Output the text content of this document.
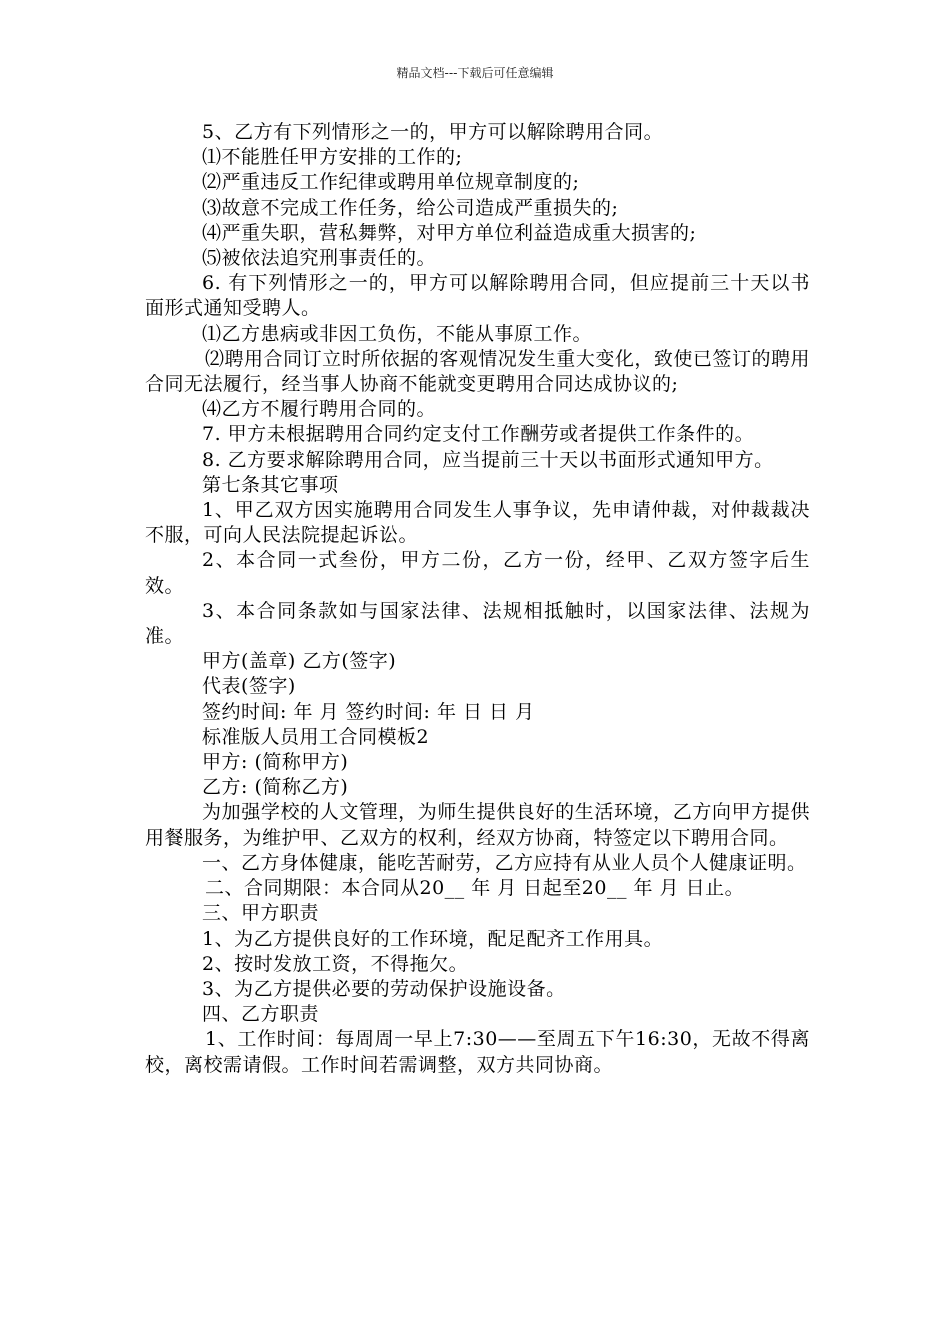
精品文档---下载后可任意编辑

5、乙方有下列情形之一的，甲方可以解除聘用合同。

⑴不能胜任甲方安排的工作的;

⑵严重违反工作纪律或聘用单位规章制度的;

⑶故意不完成工作任务，给公司造成严重损失的;

⑷严重失职，营私舞弊，对甲方单位利益造成重大损害的;

⑸被依法追究刑事责任的。

6. 有下列情形之一的，甲方可以解除聘用合同，但应提前三十天以书面形式通知受聘人。

⑴乙方患病或非因工负伤，不能从事原工作。

⑵聘用合同订立时所依据的客观情况发生重大变化，致使已签订的聘用合同无法履行，经当事人协商不能就变更聘用合同达成协议的;

⑷乙方不履行聘用合同的。

7. 甲方未根据聘用合同约定支付工作酬劳或者提供工作条件的。

8. 乙方要求解除聘用合同，应当提前三十天以书面形式通知甲方。

第七条其它事项

1、甲乙双方因实施聘用合同发生人事争议，先申请仲裁，对仲裁裁决不服，可向人民法院提起诉讼。

2、本合同一式叁份，甲方二份，乙方一份，经甲、乙双方签字后生效。

3、本合同条款如与国家法律、法规相抵触时，以国家法律、法规为准。

甲方(盖章) 乙方(签字)

代表(签字)

签约时间: 年 月 签约时间: 年 日 日 月

标准版人员用工合同模板2

甲方: (简称甲方)

乙方: (简称乙方)

为加强学校的人文管理，为师生提供良好的生活环境，乙方向甲方提供用餐服务，为维护甲、乙双方的权利，经双方协商，特签定以下聘用合同。

一、乙方身体健康，能吃苦耐劳，乙方应持有从业人员个人健康证明。

二、合同期限：本合同从20__ 年 月 日起至20__ 年 月 日止。

三、甲方职责

1、为乙方提供良好的工作环境，配足配齐工作用具。

2、按时发放工资，不得拖欠。

3、为乙方提供必要的劳动保护设施设备。

四、乙方职责

1、工作时间：每周周一早上7:30——至周五下午16:30，无故不得离校，离校需请假。工作时间若需调整，双方共同协商。
